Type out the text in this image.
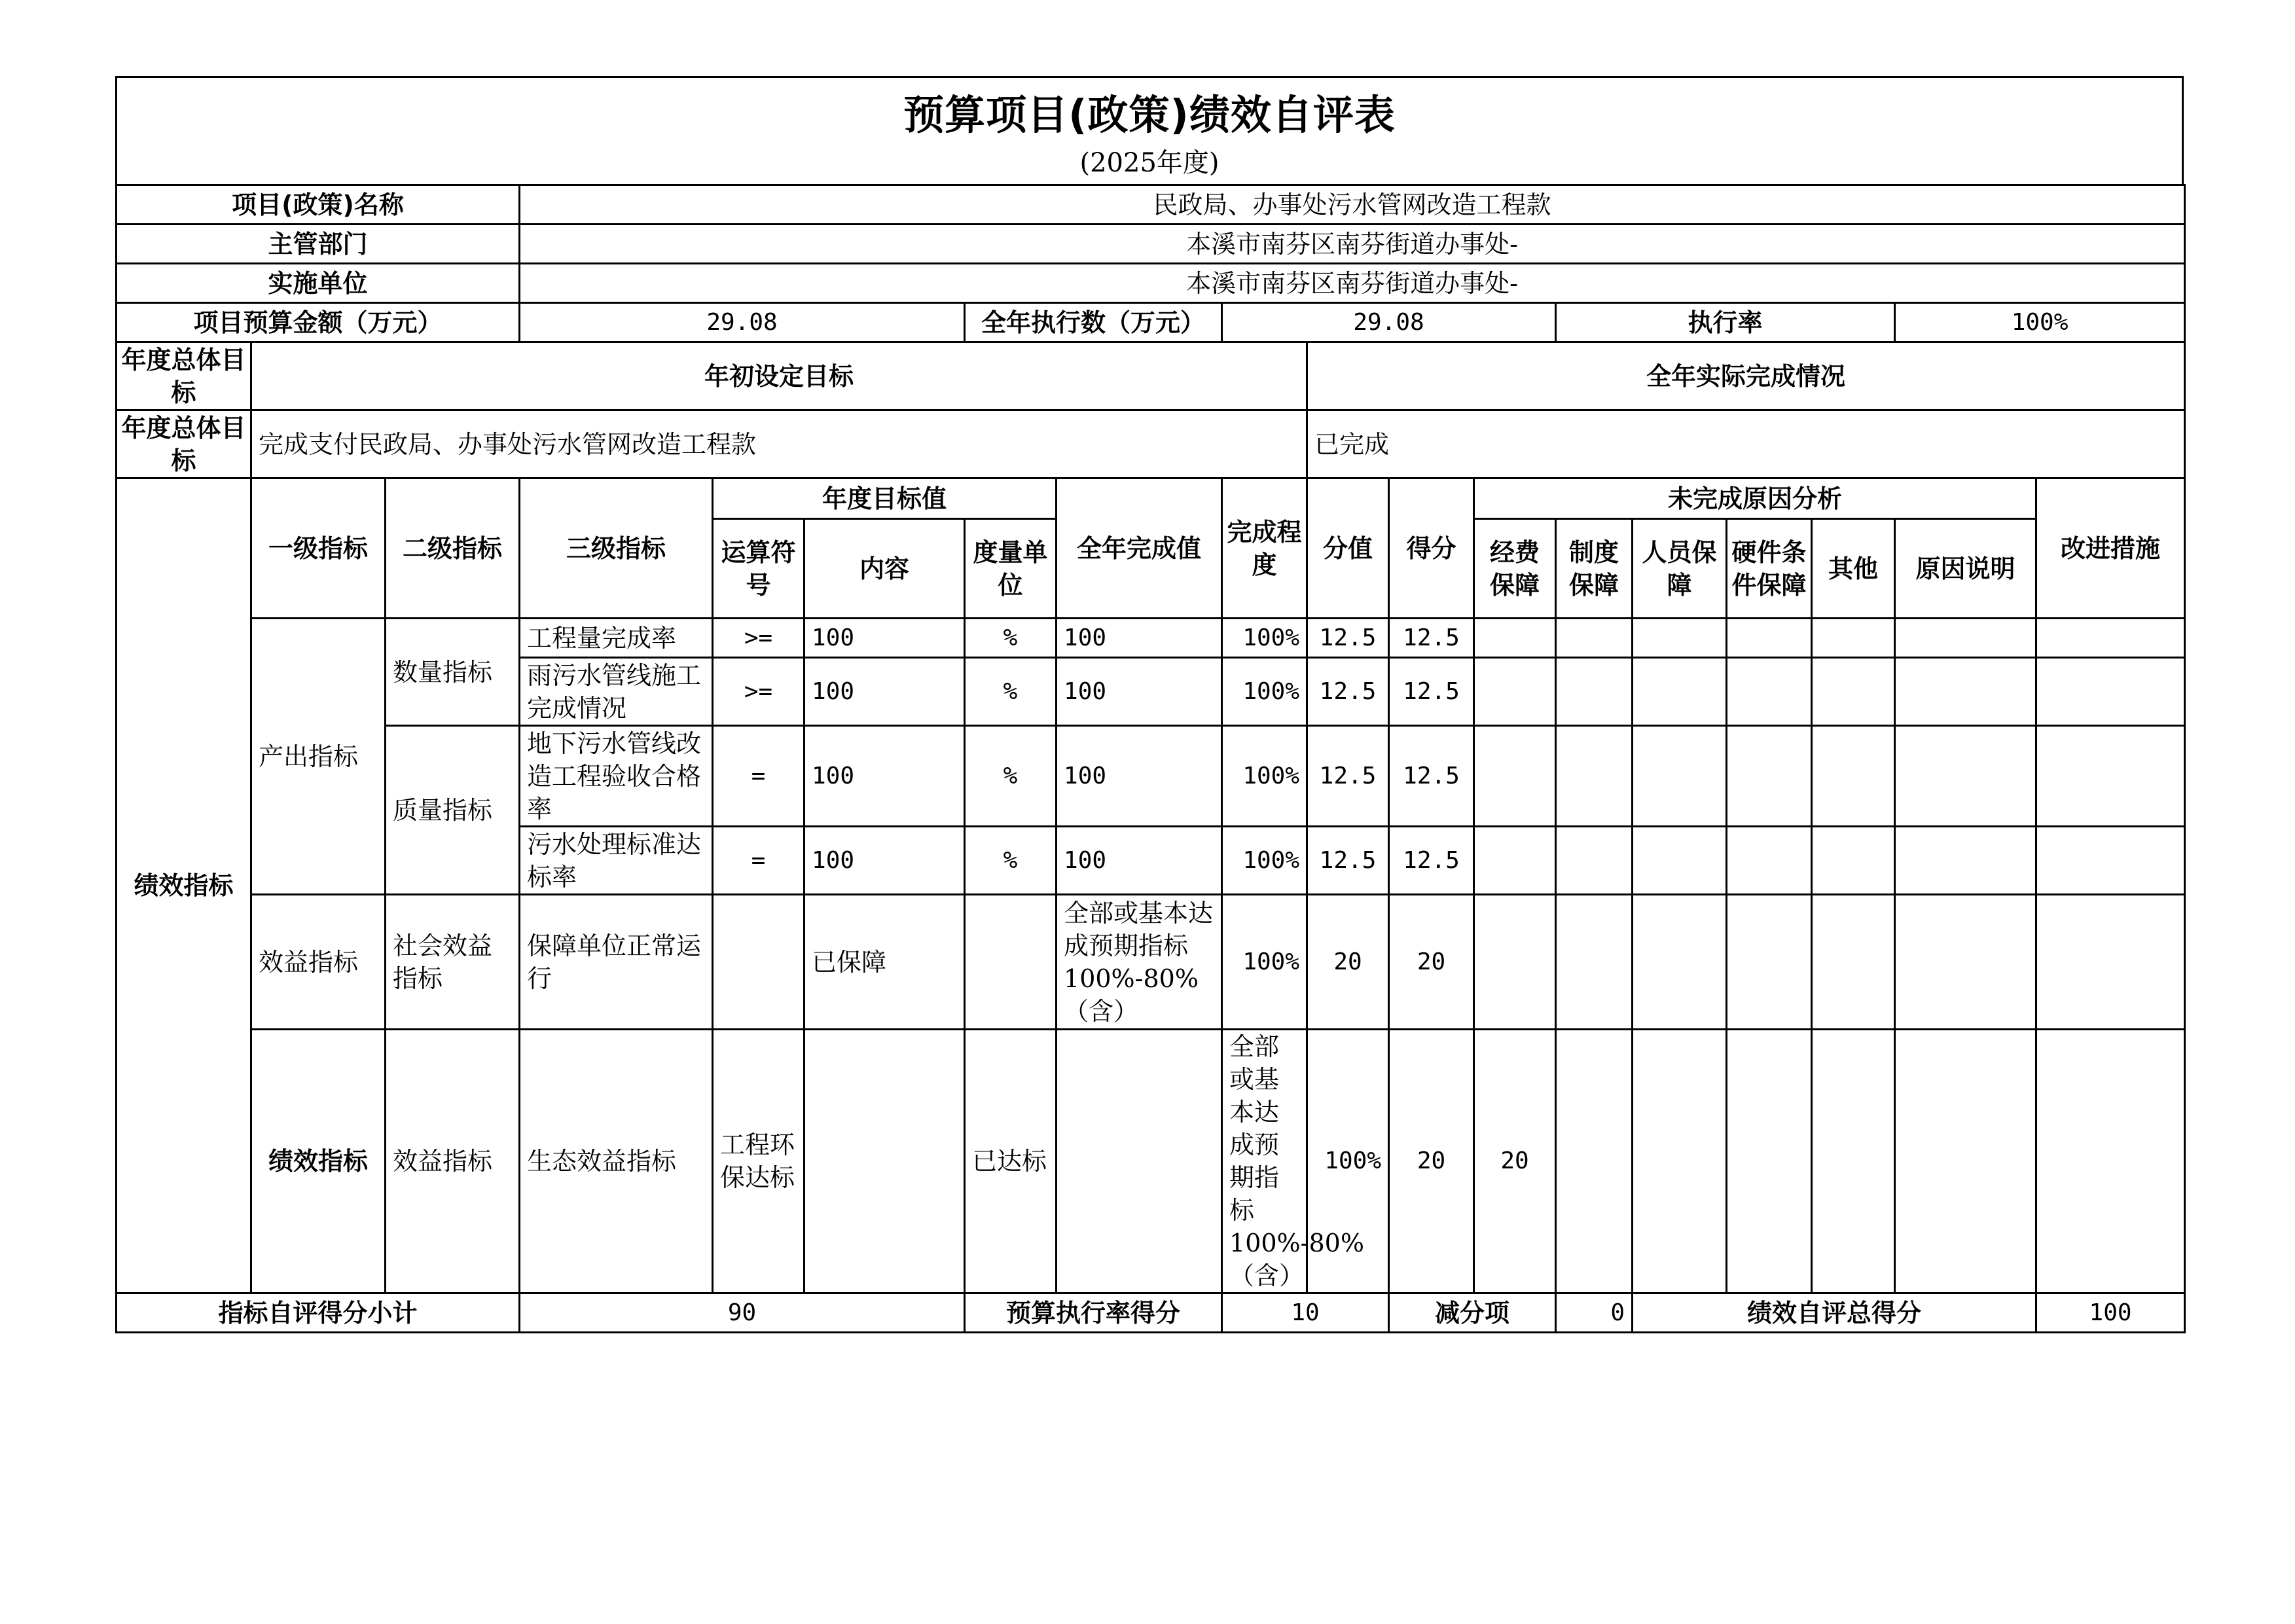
预算项目(政策)绩效自评表
(2025年度)
项目(政策)名称			民政局、办事处污水管网改造工程款															
主管部门			本溪市南芬区南芬街道办事处-															
实施单位			本溪市南芬区南芬街道办事处-															
项目预算金额（万元）			29.08			全年执行数（万元）		29.08				执行率				100%		
年度总体目标	年初设定目标								全年实际完成情况									
年度总体目标	完成支付民政局、办事处污水管网改造工程款								已完成									
绩效指标	一级指标	二级指标	三级指标	年度目标值			全年完成值	完成程度	分值	得分	未完成原因分析						改进措施	
				运算符号	内容	度量单位					经费保障	制度保障	人员保障	硬件条件保障	其他	原因说明		
	产出指标	数量指标	工程量完成率	>=	100	%	100	100%	12.5	12.5								
			雨污水管线施工完成情况	>=	100	%	100	100%	12.5	12.5								
		质量指标	地下污水管线改造工程验收合格率	=	100	%	100	100%	12.5	12.5								
			污水处理标准达标率	=	100	%	100	100%	12.5	12.5								
	效益指标	社会效益指标	保障单位正常运行		已保障		全部或基本达成预期指标100%-80%（含）	100%	20	20								
	绩效指标	效益指标	生态效益指标	工程环保达标		已达标		全部或基本达成预期指标100%-80%（含）	100%	20	20							
指标自评得分小计			90			预算执行率得分		10		减分项		0	绩效自评总得分				100	
